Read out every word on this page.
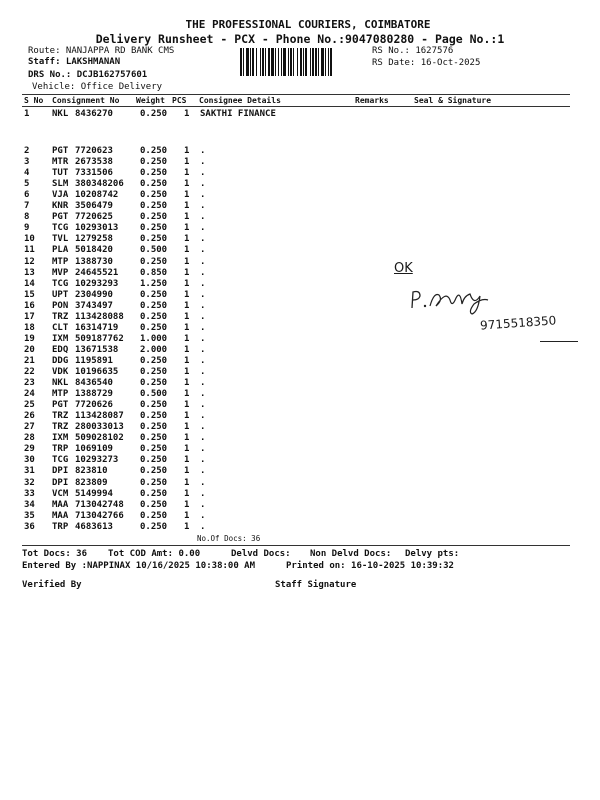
THE PROFESSIONAL COURIERS, COIMBATORE
Delivery Runsheet - PCX - Phone No.:9047080280 - Page No.:1
Route: NANJAPPA RD BANK CMS
Staff: LAKSHMANAN
DRS No.: DCJB162757601
Vehicle: Office Delivery
RS No.: 1627576
RS Date: 16-Oct-2025
S No Consignment No Weight PCS Consignee Details	Remarks	Seal & Signature
1	NKL 8436270	0.250 1 SAKTHI FINANCE
2	PGT 7720623	0.250 1 .
3	MTR 2673538	0.250 1 .
4	TUT 7331506	0.250 1 .
5	SLM 380348206 0.250 1 .
6	VJA 10208742 0.250 1 .
7	KNR 3506479	0.250 1 .
8	PGT 7720625	0.250 1 .
9	TCG 10293013 0.250 1 .
10 TVL 1279258	0.250 1 .
11 PLA 5018420	0.500 1 .
12 MTP 1388730	0.250 1 .
13 MVP 24645521 0.850 1 .
14 TCG 10293293 1.250 1 .
15 UPT 2304990	0.250 1 .
16 PON 3743497	0.250 1 .
17 TRZ 113428088 0.250 1 .
18 CLT 16314719 0.250 1 .
19 IXM 509187762 1.000 1 .
20 EDQ 13671538 2.000 1 .
21 DDG 1195891	0.250 1 .
22 VDK 10196635 0.250 1 .
23 NKL 8436540	0.250 1 .
24 MTP 1388729	0.500 1 .
25 PGT 7720626	0.250 1 .
26 TRZ 113428087 0.250 1 .
27 TRZ 280033013 0.250 1 .
28 IXM 509028102 0.250 1 .
29 TRP 1069109	0.250 1 .
30 TCG 10293273 0.250 1 .
31 DPI 823810	0.250 1 .
32 DPI 823809	0.250 1 .
33 VCM 5149994	0.250 1 .
34 MAA 713042748 0.250 1 .
35 MAA 713042766 0.250 1 .
36 TRP 4683613	0.250 1 .
No.Of Docs: 36
Tot Docs: 36 Tot COD Amt: 0.00	Delvd Docs: Non Delvd Docs: Delvy pts:
Entered By :NAPPINAX 10/16/2025 10:38:00 AM	Printed on: 16-10-2025 10:39:32
Verified By	Staff Signature
OK
9715518350
